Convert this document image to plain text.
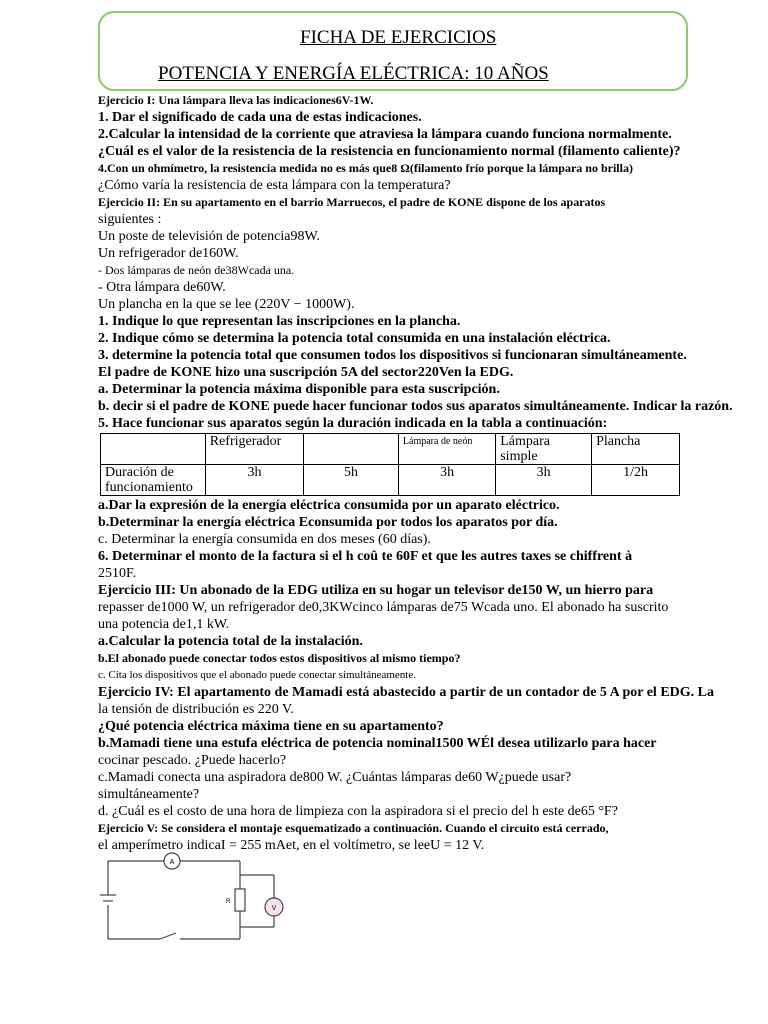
FICHA DE EJERCICIOS
POTENCIA Y ENERGÍA ELÉCTRICA: 10 AÑOS
Ejercicio I: Una lámpara lleva las indicaciones6V-1W.
1. Dar el significado de cada una de estas indicaciones.
2.Calcular la intensidad de la corriente que atraviesa la lámpara cuando funciona normalmente.
¿Cuál es el valor de la resistencia de la resistencia en funcionamiento normal (filamento caliente)?
4.Con un ohmímetro, la resistencia medida no es más que8 Ω(filamento frío porque la lámpara no brilla)
¿Cómo varía la resistencia de esta lámpara con la temperatura?
Ejercicio II: En su apartamento en el barrio Marruecos, el padre de KONE dispone de los aparatos
siguientes :
Un poste de televisión de potencia98W.
Un refrigerador de160W.
- Dos lámparas de neón de38Wcada una.
- Otra lámpara de60W.
Un plancha en la que se lee (220V − 1000W).
1. Indique lo que representan las inscripciones en la plancha.
2. Indique cómo se determina la potencia total consumida en una instalación eléctrica.
3. determine la potencia total que consumen todos los dispositivos si funcionaran simultáneamente.
El padre de KONE hizo una suscripción 5A del sector220Ven la EDG.
a. Determinar la potencia máxima disponible para esta suscripción.
b. decir si el padre de KONE puede hacer funcionar todos sus aparatos simultáneamente. Indicar la razón.
5. Hace funcionar sus aparatos según la duración indicada en la tabla a continuación:
	Refrigerador		Lámpara de neón	Lámpara simple	Plancha
Duración de funcionamiento	3h	5h	3h	3h	1/2h
a.Dar la expresión de la energía eléctrica consumida por un aparato eléctrico.
b.Determinar la energía eléctrica Econsumida por todos los aparatos por día.
c. Determinar la energía consumida en dos meses (60 días).
6. Determinar el monto de la factura si el h coû te 60F et que les autres taxes se chiffrent à
2510F.
Ejercicio III: Un abonado de la EDG utiliza en su hogar un televisor de150 W, un hierro para
repasser de1000 W, un refrigerador de0,3KWcinco lámparas de75 Wcada uno. El abonado ha suscrito
una potencia de1,1 kW.
a.Calcular la potencia total de la instalación.
b.El abonado puede conectar todos estos dispositivos al mismo tiempo?
c. Cita los dispositivos que el abonado puede conectar simultáneamente.
Ejercicio IV: El apartamento de Mamadi está abastecido a partir de un contador de 5 A por el EDG. La
la tensión de distribución es 220 V.
¿Qué potencia eléctrica máxima tiene en su apartamento?
b.Mamadi tiene una estufa eléctrica de potencia nominal1500 WÉl desea utilizarlo para hacer
cocinar pescado. ¿Puede hacerlo?
c.Mamadi conecta una aspiradora de800 W. ¿Cuántas lámparas de60 W¿puede usar?
simultáneamente?
d. ¿Cuál es el costo de una hora de limpieza con la aspiradora si el precio del h este de65 °F?
Ejercicio V: Se considera el montaje esquematizado a continuación. Cuando el circuito está cerrado,
el amperímetro indicaI = 255 mAet, en el voltímetro, se leeU = 12 V.
A
V
R
